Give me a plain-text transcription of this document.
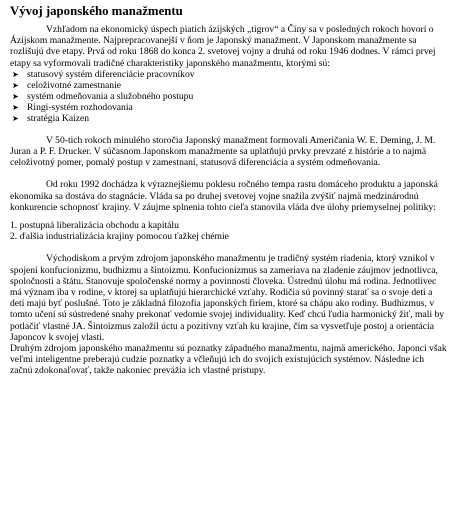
Vývoj japonského manažmentu

Vzhľadom na ekonomický úspech piatich ázijských „tigrov“ a Číny sa v posledných rokoch hovorí o Ázijskom manažmente. Najprepracovanejší v ňom je Japonský manažment. V Japonskom manažmente sa rozlišujú dve etapy. Prvá od roku 1868 do konca 2. svetovej vojny a druhá od roku 1946 dodnes. V rámci prvej etapy sa vyformovali tradičné charakteristiky japonského manažmentu, ktorými sú:

➤ statusový systém diferenciácie pracovníkov
➤ celoživotné zamestnanie
➤ systém odmeňovania a služobného postupu
➤ Ringi-systém rozhodovania
➤ stratégia Kaizen

V 50-tich rokoch minulého storočia Japonský manažment formovali Američania W. E. Deming, J. M. Juran a P. F. Drucker. V súčasnom Japonskom manažmente sa uplatňujú prvky prevzaté z histórie a to najmä celoživotný pomer, pomalý postup v zamestnaní, statusová diferenciácia a systém odmeňovania.

Od roku 1992 dochádza k výraznejšiemu poklesu ročného tempa rastu domáceho produktu a japonská ekonomika sa dostáva do stagnácie. Vláda sa po druhej svetovej vojne snažila zvýšiť najmä medzinárodnú konkurencie schopnosť krajiny. V záujme splnenia tohto cieľa stanovila vláda dve úlohy priemyselnej politiky:

1. postupná liberalizácia obchodu a kapitálu
2. ďalšia industrializácia krajiny pomocou ťažkej chémie

Východiskom a prvým zdrojom japonského manažmentu je tradičný systém riadenia, ktorý vznikol v spojení konfucionizmu, budhizmu a šintoizmu. Konfucionizmus sa zameriava na zladenie záujmov jednotlivca, spoločnosti a štátu. Stanovuje spoločenské normy a povinnosti človeka. Ústrednú úlohu má rodina. Jednotlivec má význam iba v rodine, v ktorej sa uplatňujú hierarchické vzťahy. Rodičia sú povinný starať sa o svoje deti a deti majú byť poslušné. Toto je základná filozofia japonských firiem, ktoré sa chápu ako rodiny. Budhizmus, v tomto učení sú sústredené snahy prekonať vedomie svojej individuality. Keď chcú ľudia harmonický žiť, mali by potlačiť vlastné JA. Šintoizmus založil úctu a pozitívny vzťah ku krajine, čím sa vysvetľuje postoj a orientácia Japoncov k svojej vlasti.

Druhým zdrojom japonského manažmentu sú poznatky západného manažmentu, najmä amerického. Japonci však veľmi inteligentne preberajú cudzie poznatky a včleňujú ich do svojich existujúcich systémov. Následne ich začnú zdokonaľovať, takže nakoniec prevážia ich vlastné prístupy.
